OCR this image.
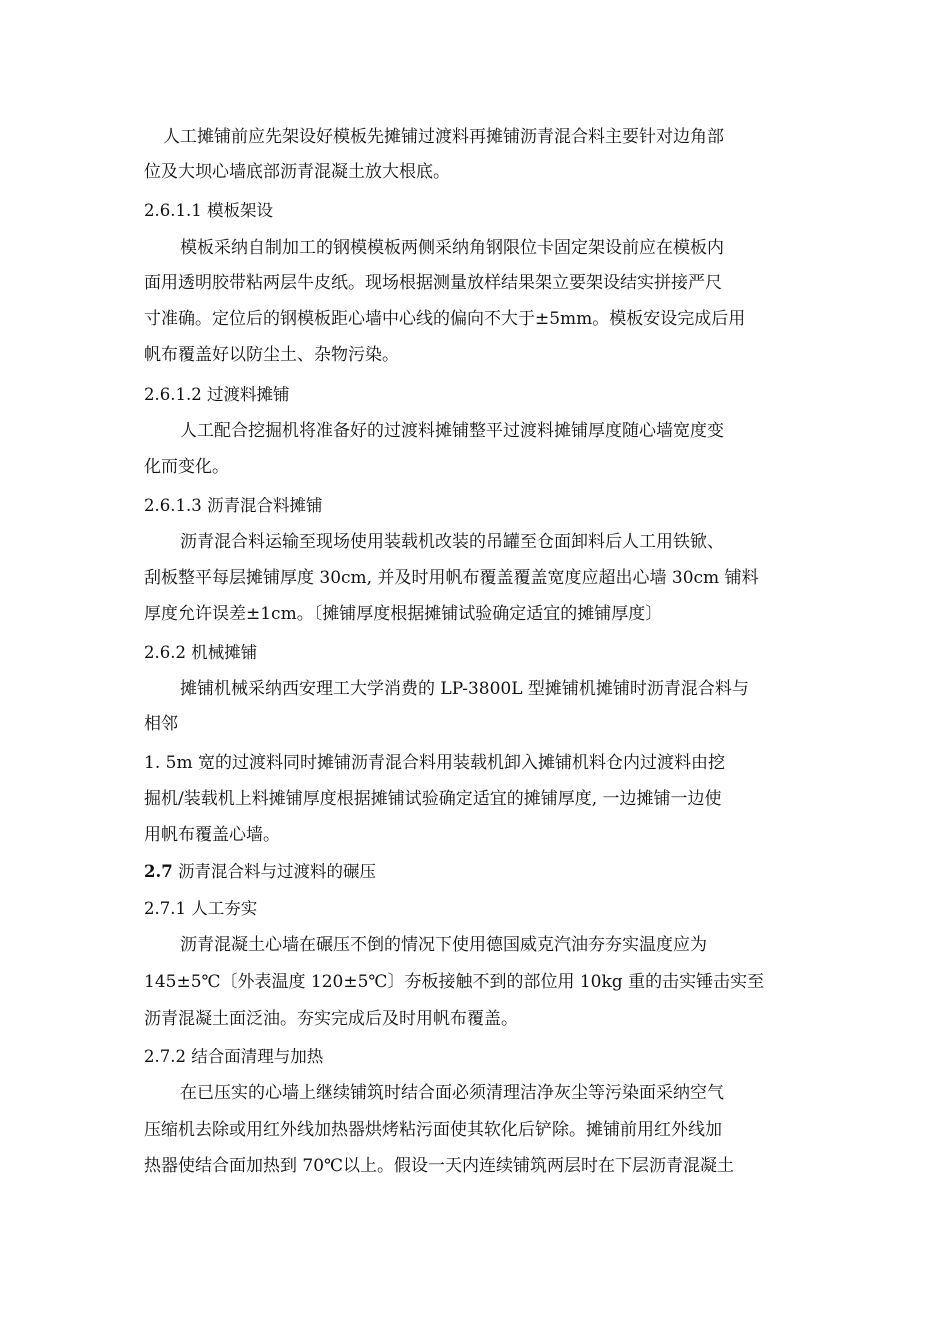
人工摊铺前应先架设好模板先摊铺过渡料再摊铺沥青混合料主要针对边角部
位及大坝心墙底部沥青混凝土放大根底。
2.6.1.1 模板架设
模板采纳自制加工的钢模模板两侧采纳角钢限位卡固定架设前应在模板内
面用透明胶带粘两层牛皮纸。现场根据测量放样结果架立要架设结实拼接严尺
寸准确。定位后的钢模板距心墙中心线的偏向不大于±5mm。模板安设完成后用
帆布覆盖好以防尘土、杂物污染。
2.6.1.2 过渡料摊铺
人工配合挖掘机将准备好的过渡料摊铺整平过渡料摊铺厚度随心墙宽度变
化而变化。
2.6.1.3 沥青混合料摊铺
沥青混合料运输至现场使用装载机改装的吊罐至仓面卸料后人工用铁锨、
刮板整平每层摊铺厚度 30cm, 并及时用帆布覆盖覆盖宽度应超出心墙 30cm 铺料
厚度允许误差±1cm。〔摊铺厚度根据摊铺试验确定适宜的摊铺厚度〕
2.6.2 机械摊铺
摊铺机械采纳西安理工大学消费的 LP-3800L 型摊铺机摊铺时沥青混合料与
相邻
1. 5m 宽的过渡料同时摊铺沥青混合料用装载机卸入摊铺机料仓内过渡料由挖
掘机/装载机上料摊铺厚度根据摊铺试验确定适宜的摊铺厚度, 一边摊铺一边使
用帆布覆盖心墙。
2.7 沥青混合料与过渡料的碾压
2.7.1 人工夯实
沥青混凝土心墙在碾压不倒的情况下使用德国威克汽油夯夯实温度应为
145±5℃〔外表温度 120±5℃〕夯板接触不到的部位用 10kg 重的击实锤击实至
沥青混凝土面泛油。夯实完成后及时用帆布覆盖。
2.7.2 结合面清理与加热
在已压实的心墙上继续铺筑时结合面必须清理洁净灰尘等污染面采纳空气
压缩机去除或用红外线加热器烘烤粘污面使其软化后铲除。摊铺前用红外线加
热器使结合面加热到 70℃以上。假设一天内连续铺筑两层时在下层沥青混凝土
